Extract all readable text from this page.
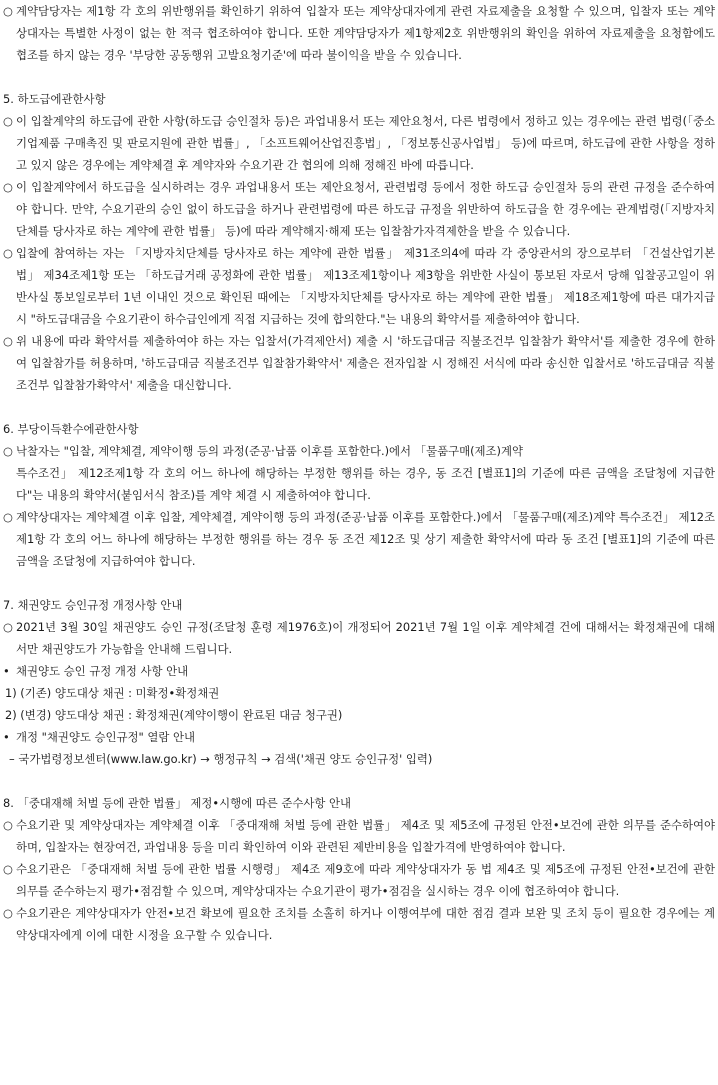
○ 계약담당자는 제1항 각 호의 위반행위를 확인하기 위하여 입찰자 또는 계약상대자에게 관련 자료제출을 요청할 수 있으며, 입찰자 또는 계약상대자는 특별한 사정이 없는 한 적극 협조하여야 합니다. 또한 계약담당자가 제1항제2호 위반행위의 확인을 위하여 자료제출을 요청함에도 협조를 하지 않는 경우 '부당한 공동행위 고발요청기준'에 따라 불이익을 받을 수 있습니다.
5. 하도급에관한사항
○ 이 입찰계약의 하도급에 관한 사항(하도급 승인절차 등)은 과업내용서 또는 제안요청서, 다른 법령에서 정하고 있는 경우에는 관련 법령(「중소기업제품 구매촉진 및 판로지원에 관한 법률」, 「소프트웨어산업진흥법」, 「정보통신공사업법」 등)에 따르며, 하도급에 관한 사항을 정하고 있지 않은 경우에는 계약체결 후 계약자와 수요기관 간 협의에 의해 정해진 바에 따릅니다.
○ 이 입찰계약에서 하도급을 실시하려는 경우 과업내용서 또는 제안요청서, 관련법령 등에서 정한 하도급 승인절차 등의 관련 규정을 준수하여야 합니다. 만약, 수요기관의 승인 없이 하도급을 하거나 관련법령에 따른 하도급 규정을 위반하여 하도급을 한 경우에는 관계법령(「지방자치단체를 당사자로 하는 계약에 관한 법률」 등)에 따라 계약해지·해제 또는 입찰참가자격제한을 받을 수 있습니다.
○ 입찰에 참여하는 자는 「지방자치단체를 당사자로 하는 계약에 관한 법률」 제31조의4에 따라 각 중앙관서의 장으로부터 「건설산업기본법」 제34조제1항 또는 「하도급거래 공정화에 관한 법률」 제13조제1항이나 제3항을 위반한 사실이 통보된 자로서 당해 입찰공고일이 위반사실 통보일로부터 1년 이내인 것으로 확인된 때에는 「지방자치단체를 당사자로 하는 계약에 관한 법률」 제18조제1항에 따른 대가지급 시 "하도급대금을 수요기관이 하수급인에게 직접 지급하는 것에 합의한다."는 내용의 확약서를 제출하여야 합니다.
○ 위 내용에 따라 확약서를 제출하여야 하는 자는 입찰서(가격제안서) 제출 시 '하도급대금 직불조건부 입찰참가 확약서'를 제출한 경우에 한하여 입찰참가를 허용하며, '하도급대금 직불조건부 입찰참가확약서' 제출은 전자입찰 시 정해진 서식에 따라 송신한 입찰서로 '하도급대금 직불조건부 입찰참가확약서' 제출을 대신합니다.
6. 부당이득환수에관한사항
○ 낙찰자는 "입찰, 계약체결, 계약이행 등의 과정(준공·납품 이후를 포함한다.)에서 「물품구매(제조)계약
특수조건」 제12조제1항 각 호의 어느 하나에 해당하는 부정한 행위를 하는 경우, 동 조건 [별표1]의 기준에 따른 금액을 조달청에 지급한다"는 내용의 확약서(붙임서식 참조)를 계약 체결 시 제출하여야 합니다.
○ 계약상대자는 계약체결 이후 입찰, 계약체결, 계약이행 등의 과정(준공·납품 이후를 포함한다.)에서 「물품구매(제조)계약 특수조건」 제12조 제1항 각 호의 어느 하나에 해당하는 부정한 행위를 하는 경우 동 조건 제12조 및 상기 제출한 확약서에 따라 동 조건 [별표1]의 기준에 따른 금액을 조달청에 지급하여야 합니다.
7. 채권양도 승인규정 개정사항 안내
○ 2021년 3월 30일 채권양도 승인 규정(조달청 훈령 제1976호)이 개정되어 2021년 7월 1일 이후 계약체결 건에 대해서는 확정채권에 대해서만 채권양도가 가능함을 안내해 드립니다.
• 채권양도 승인 규정 개정 사항 안내
1) (기존) 양도대상 채권 : 미확정•확정채권
2) (변경) 양도대상 채권 : 확정채권(계약이행이 완료된 대금 청구권)
• 개정 "채권양도 승인규정" 열람 안내
– 국가법령정보센터(www.law.go.kr) → 행정규칙 → 검색('채권 양도 승인규정' 입력)
8. 「중대재해 처벌 등에 관한 법률」 제정•시행에 따른 준수사항 안내
○ 수요기관 및 계약상대자는 계약체결 이후 「중대재해 처벌 등에 관한 법률」 제4조 및 제5조에 규정된 안전•보건에 관한 의무를 준수하여야 하며, 입찰자는 현장여건, 과업내용 등을 미리 확인하여 이와 관련된 제반비용을 입찰가격에 반영하여야 합니다.
○ 수요기관은 「중대재해 처벌 등에 관한 법률 시행령」 제4조 제9호에 따라 계약상대자가 동 법 제4조 및 제5조에 규정된 안전•보건에 관한 의무를 준수하는지 평가•점검할 수 있으며, 계약상대자는 수요기관이 평가•점검을 실시하는 경우 이에 협조하여야 합니다.
○ 수요기관은 계약상대자가 안전•보건 확보에 필요한 조치를 소홀히 하거나 이행여부에 대한 점검 결과 보완 및 조치 등이 필요한 경우에는 계약상대자에게 이에 대한 시정을 요구할 수 있습니다.
